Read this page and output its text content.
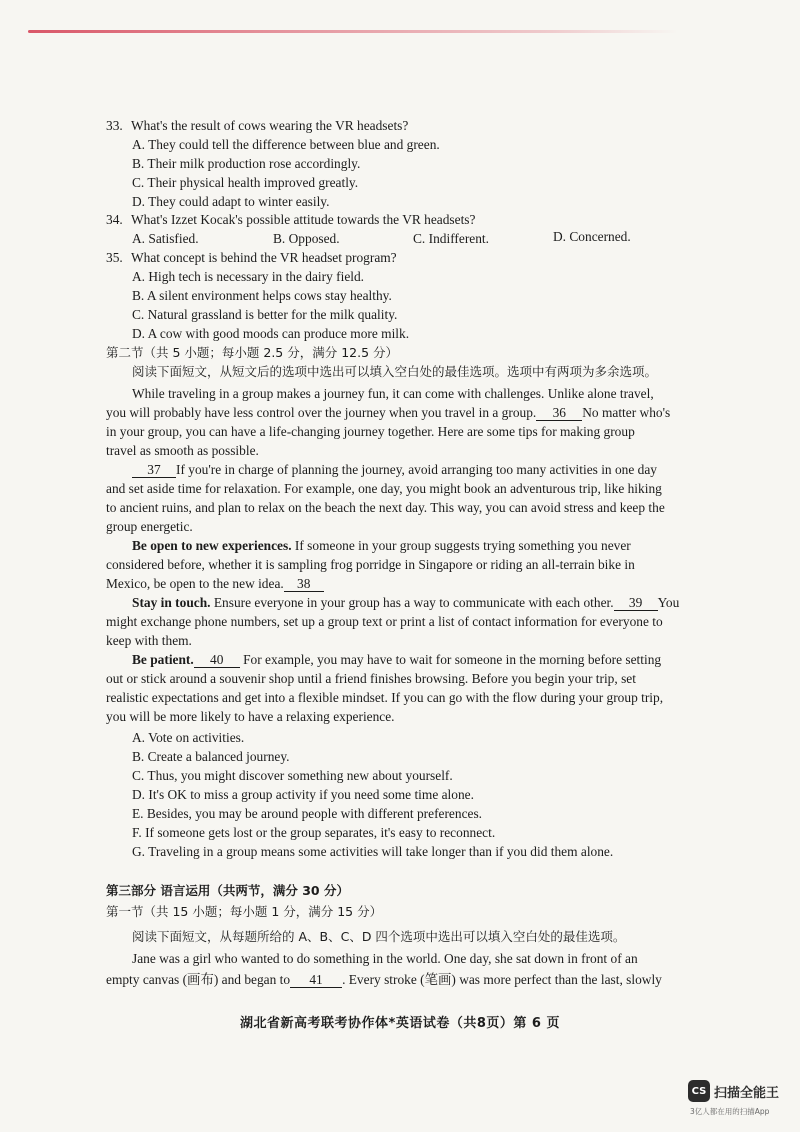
33. What's the result of cows wearing the VR headsets?
A. They could tell the difference between blue and green.
B. Their milk production rose accordingly.
C. Their physical health improved greatly.
D. They could adapt to winter easily.
34. What's Izzet Kocak's possible attitude towards the VR headsets?
A. Satisfied.	B. Opposed.	C. Indifferent.	D. Concerned.
35. What concept is behind the VR headset program?
A. High tech is necessary in the dairy field.
B. A silent environment helps cows stay healthy.
C. Natural grassland is better for the milk quality.
D. A cow with good moods can produce more milk.
第二节（共 5 小题；每小题 2.5 分，满分 12.5 分）
阅读下面短文，从短文后的选项中选出可以填入空白处的最佳选项。选项中有两项为多余选项。
While traveling in a group makes a journey fun, it can come with challenges. Unlike alone travel,
you will probably have less control over the journey when you travel in a group. 36 No matter who's
in your group, you can have a life-changing journey together. Here are some tips for making group
travel as smooth as possible.
37 If you're in charge of planning the journey, avoid arranging too many activities in one day
and set aside time for relaxation. For example, one day, you might book an adventurous trip, like hiking
to ancient ruins, and plan to relax on the beach the next day. This way, you can avoid stress and keep the
group energetic.
Be open to new experiences. If someone in your group suggests trying something you never
considered before, whether it is sampling frog porridge in Singapore or riding an all-terrain bike in
Mexico, be open to the new idea. 38
Stay in touch. Ensure everyone in your group has a way to communicate with each other. 39 You
might exchange phone numbers, set up a group text or print a list of contact information for everyone to
keep with them.
Be patient. 40 For example, you may have to wait for someone in the morning before setting
out or stick around a souvenir shop until a friend finishes browsing. Before you begin your trip, set
realistic expectations and get into a flexible mindset. If you can go with the flow during your group trip,
you will be more likely to have a relaxing experience.
A. Vote on activities.
B. Create a balanced journey.
C. Thus, you might discover something new about yourself.
D. It's OK to miss a group activity if you need some time alone.
E. Besides, you may be around people with different preferences.
F. If someone gets lost or the group separates, it's easy to reconnect.
G. Traveling in a group means some activities will take longer than if you did them alone.
第三部分 语言运用（共两节，满分 30 分）
第一节（共 15 小题；每小题 1 分，满分 15 分）
阅读下面短文，从每题所给的 A、B、C、D 四个选项中选出可以填入空白处的最佳选项。
Jane was a girl who wanted to do something in the world. One day, she sat down in front of an
empty canvas (画布) and began to 41 . Every stroke (笔画) was more perfect than the last, slowly
湖北省新高考联考协作体*英语试卷（共8页）第 6 页
CS 扫描全能王
3亿人都在用的扫描App
